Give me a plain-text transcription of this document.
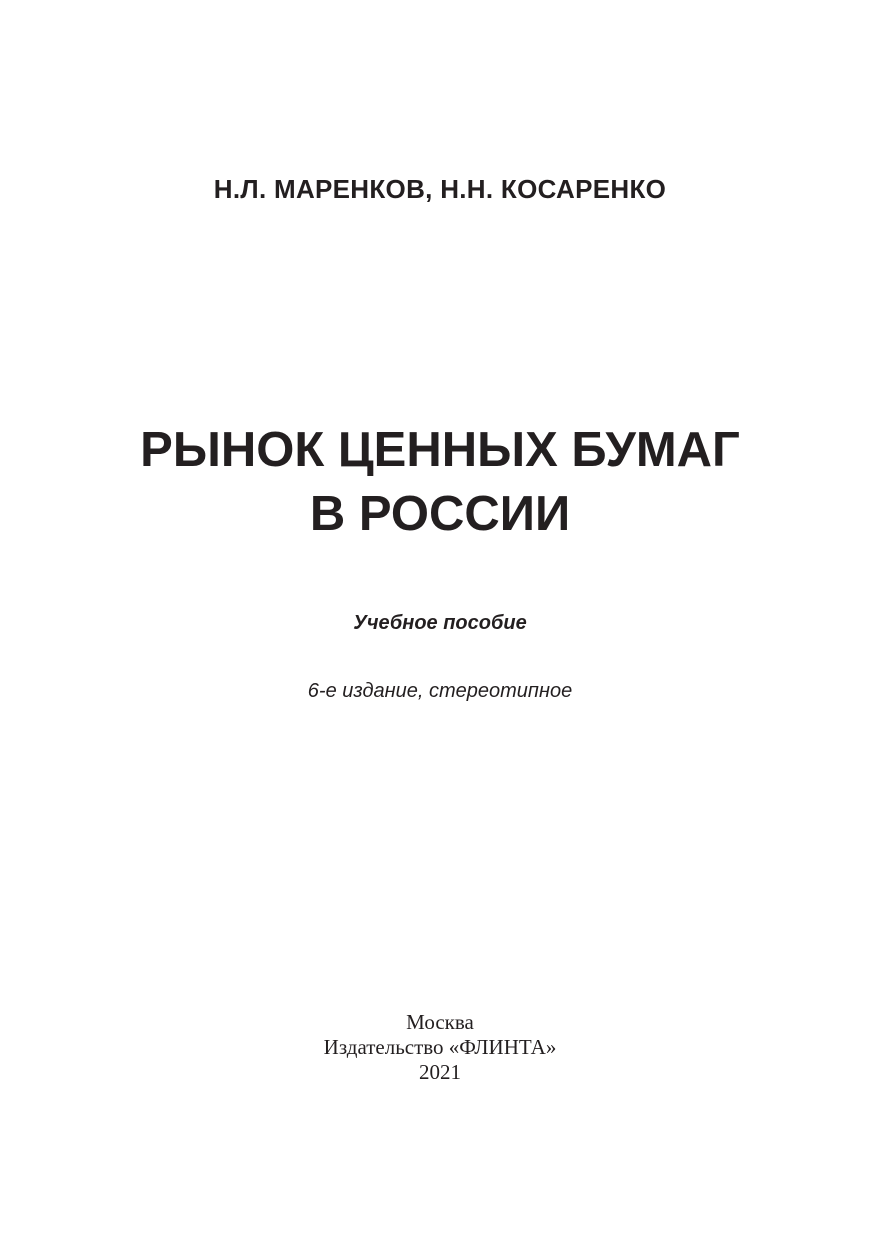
Н.Л. МАРЕНКОВ, Н.Н. КОСАРЕНКО
РЫНОК ЦЕННЫХ БУМАГ
В РОССИИ
Учебное пособие
6-е издание, стереотипное
Москва
Издательство «ФЛИНТА»
2021
